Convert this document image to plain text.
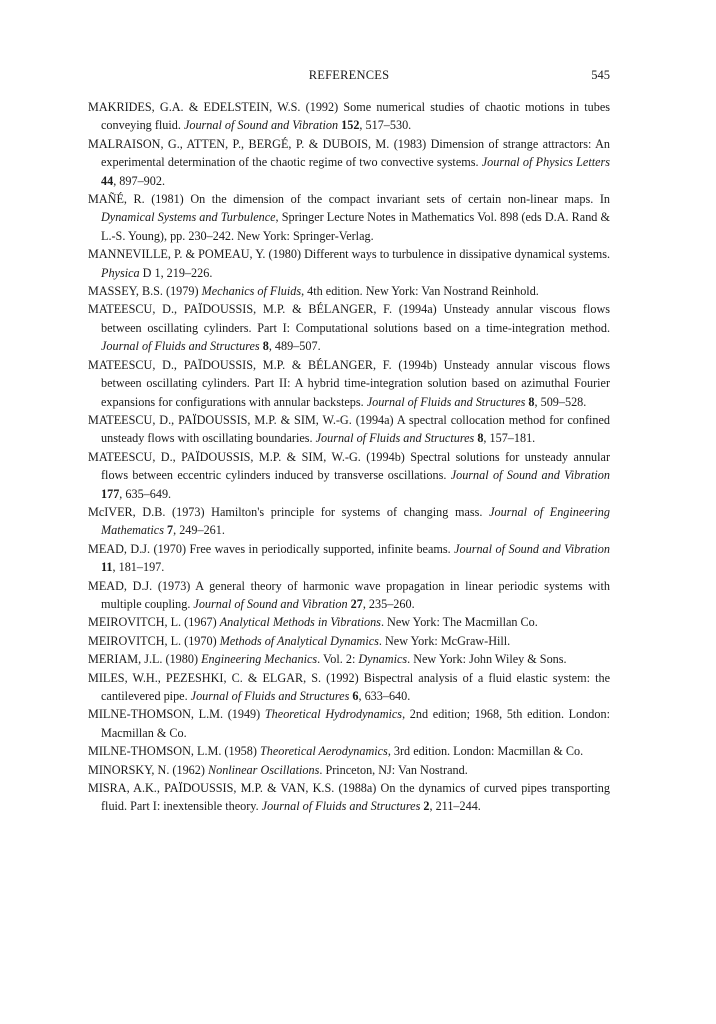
REFERENCES	545

MAKRIDES, G.A. & EDELSTEIN, W.S. (1992) Some numerical studies of chaotic motions in tubes conveying fluid. Journal of Sound and Vibration 152, 517–530.

MALRAISON, G., ATTEN, P., BERGÉ, P. & DUBOIS, M. (1983) Dimension of strange attractors: An experimental determination of the chaotic regime of two convective systems. Journal of Physics Letters 44, 897–902.

MAÑÉ, R. (1981) On the dimension of the compact invariant sets of certain non-linear maps. In Dynamical Systems and Turbulence, Springer Lecture Notes in Mathematics Vol. 898 (eds D.A. Rand & L.-S. Young), pp. 230–242. New York: Springer-Verlag.

MANNEVILLE, P. & POMEAU, Y. (1980) Different ways to turbulence in dissipative dynamical systems. Physica D 1, 219–226.

MASSEY, B.S. (1979) Mechanics of Fluids, 4th edition. New York: Van Nostrand Reinhold.

MATEESCU, D., PAÏDOUSSIS, M.P. & BÉLANGER, F. (1994a) Unsteady annular viscous flows between oscillating cylinders. Part I: Computational solutions based on a time-integration method. Journal of Fluids and Structures 8, 489–507.

MATEESCU, D., PAÏDOUSSIS, M.P. & BÉLANGER, F. (1994b) Unsteady annular viscous flows between oscillating cylinders. Part II: A hybrid time-integration solution based on azimuthal Fourier expansions for configurations with annular backsteps. Journal of Fluids and Structures 8, 509–528.

MATEESCU, D., PAÏDOUSSIS, M.P. & SIM, W.-G. (1994a) A spectral collocation method for confined unsteady flows with oscillating boundaries. Journal of Fluids and Structures 8, 157–181.

MATEESCU, D., PAÏDOUSSIS, M.P. & SIM, W.-G. (1994b) Spectral solutions for unsteady annular flows between eccentric cylinders induced by transverse oscillations. Journal of Sound and Vibration 177, 635–649.

McIVER, D.B. (1973) Hamilton's principle for systems of changing mass. Journal of Engineering Mathematics 7, 249–261.

MEAD, D.J. (1970) Free waves in periodically supported, infinite beams. Journal of Sound and Vibration 11, 181–197.

MEAD, D.J. (1973) A general theory of harmonic wave propagation in linear periodic systems with multiple coupling. Journal of Sound and Vibration 27, 235–260.

MEIROVITCH, L. (1967) Analytical Methods in Vibrations. New York: The Macmillan Co.

MEIROVITCH, L. (1970) Methods of Analytical Dynamics. New York: McGraw-Hill.

MERIAM, J.L. (1980) Engineering Mechanics. Vol. 2: Dynamics. New York: John Wiley & Sons.

MILES, W.H., PEZESHKI, C. & ELGAR, S. (1992) Bispectral analysis of a fluid elastic system: the cantilevered pipe. Journal of Fluids and Structures 6, 633–640.

MILNE-THOMSON, L.M. (1949) Theoretical Hydrodynamics, 2nd edition; 1968, 5th edition. London: Macmillan & Co.

MILNE-THOMSON, L.M. (1958) Theoretical Aerodynamics, 3rd edition. London: Macmillan & Co.

MINORSKY, N. (1962) Nonlinear Oscillations. Princeton, NJ: Van Nostrand.

MISRA, A.K., PAÏDOUSSIS, M.P. & VAN, K.S. (1988a) On the dynamics of curved pipes transporting fluid. Part I: inextensible theory. Journal of Fluids and Structures 2, 211–244.
